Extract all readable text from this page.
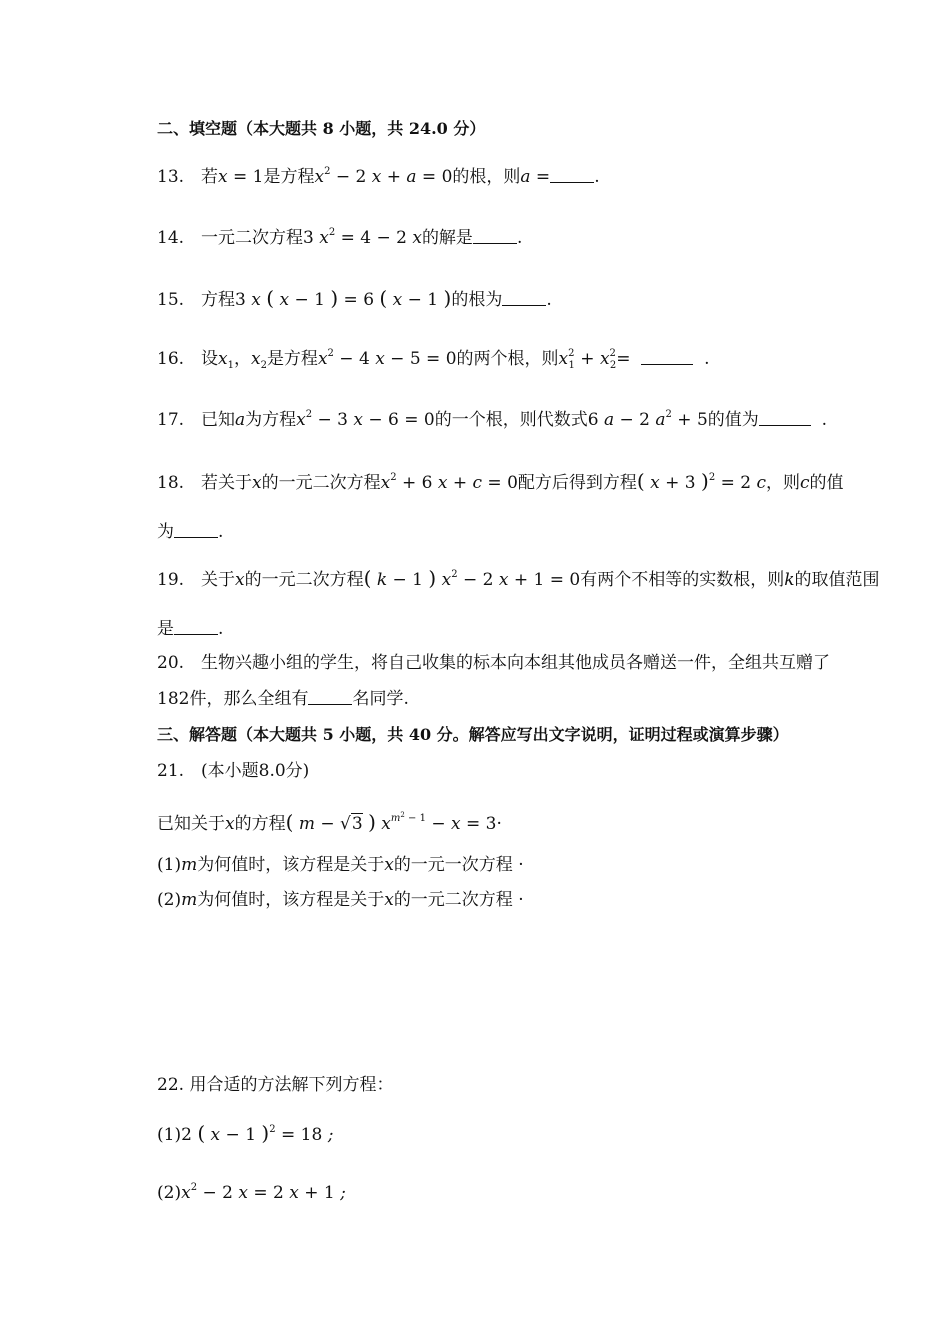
二、填空题（本大题共 8 小题，共 24.0 分）
13. 若x = 1是方程$x^2 - 2$ x + a = 0的根，则a =	.
14. 一元二次方程3 $x^2 = 4 - 2$ x的解是	.
15. 方程3 x ( x − 1 ) = 6 ( x − 1 )的根为	.
16. 设$x_1$，$x_2$是方程$x^2 - 4$ x − 5 = 0的两个根，则$x^2_1 + x^2_2=$	.
17. 已知a为方程$x^2 - 3$ x − 6 = 0的一个根，则代数式6 a − 2 $a^2 + 5$的值为	.
18. 若关于x的一元二次方程$x^2 + 6$ x + c = 0配方后得到方程( x + 3 )$^2$ = 2 c，则c的值
为	.
19. 关于x的一元二次方程( k − 1 ) $x^2 - 2$ x + 1 = 0有两个不相等的实数根，则k的取值范围
是	.
20. 生物兴趣小组的学生，将自己收集的标本向本组其他成员各赠送一件，全组共互赠了
182件，那么全组有	名同学.
三、解答题（本大题共 5 小题，共 40 分。解答应写出文字说明，证明过程或演算步骤）
21. (本小题8.0分)
已知关于x的方程( m − √3 ) $x^{m^2 - 1} - x = 3\cdot$
(1)m为何值时，该方程是关于x的一元一次方程 ·
(2)m为何值时，该方程是关于x的一元二次方程 ·
22. 用合适的方法解下列方程：
(1)2 ( x − 1 )$^2$ = 18 ;
$(2)x^2 - 2$ x = 2 x + 1 ;
